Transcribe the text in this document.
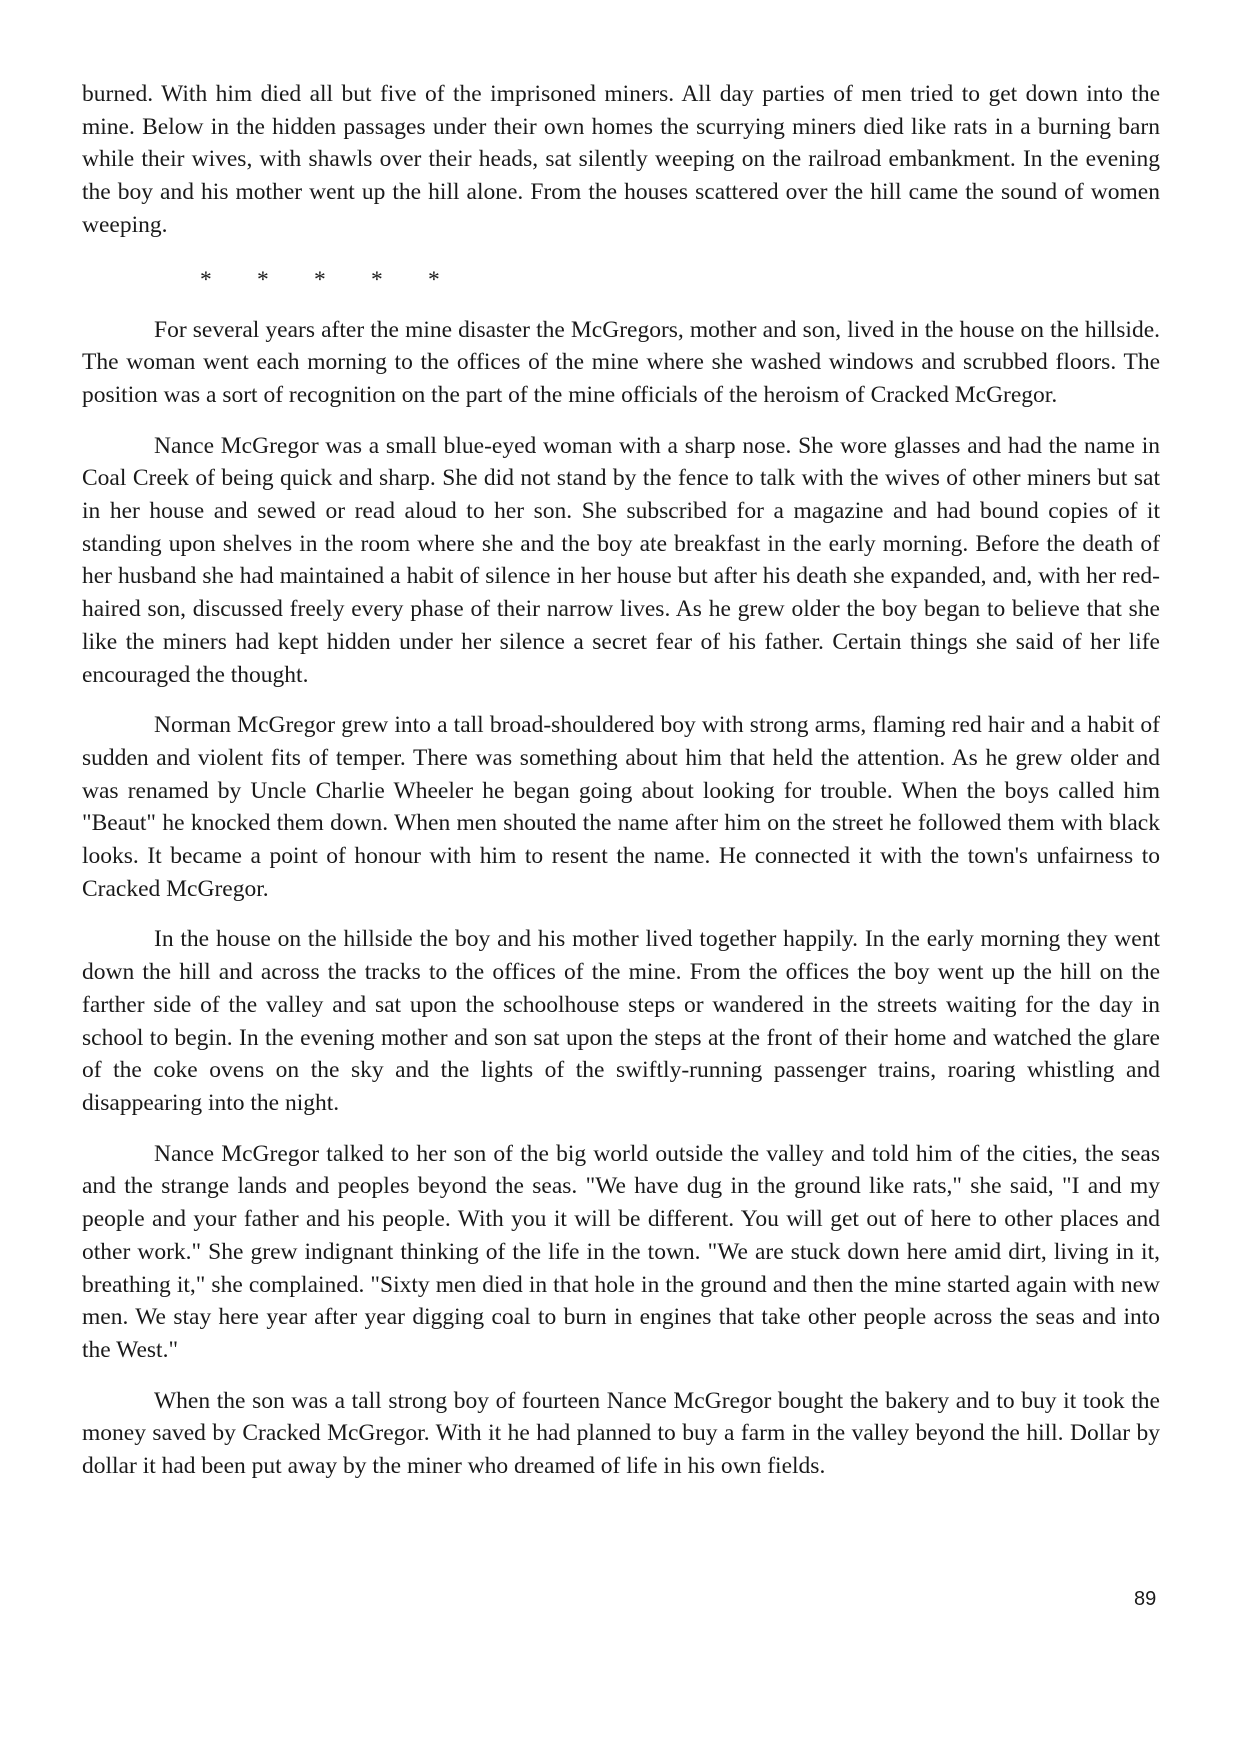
burned. With him died all but five of the imprisoned miners. All day parties of men tried to get down into the mine. Below in the hidden passages under their own homes the scurrying miners died like rats in a burning barn while their wives, with shawls over their heads, sat silently weeping on the railroad embankment. In the evening the boy and his mother went up the hill alone. From the houses scattered over the hill came the sound of women weeping.

*	*	*	*	*

For several years after the mine disaster the McGregors, mother and son, lived in the house on the hillside. The woman went each morning to the offices of the mine where she washed windows and scrubbed floors. The position was a sort of recognition on the part of the mine officials of the heroism of Cracked McGregor.

Nance McGregor was a small blue-eyed woman with a sharp nose. She wore glasses and had the name in Coal Creek of being quick and sharp. She did not stand by the fence to talk with the wives of other miners but sat in her house and sewed or read aloud to her son. She subscribed for a magazine and had bound copies of it standing upon shelves in the room where she and the boy ate breakfast in the early morning. Before the death of her husband she had maintained a habit of silence in her house but after his death she expanded, and, with her red-haired son, discussed freely every phase of their narrow lives. As he grew older the boy began to believe that she like the miners had kept hidden under her silence a secret fear of his father. Certain things she said of her life encouraged the thought.

Norman McGregor grew into a tall broad-shouldered boy with strong arms, flaming red hair and a habit of sudden and violent fits of temper. There was something about him that held the attention. As he grew older and was renamed by Uncle Charlie Wheeler he began going about looking for trouble. When the boys called him "Beaut" he knocked them down. When men shouted the name after him on the street he followed them with black looks. It became a point of honour with him to resent the name. He connected it with the town's unfairness to Cracked McGregor.

In the house on the hillside the boy and his mother lived together happily. In the early morning they went down the hill and across the tracks to the offices of the mine. From the offices the boy went up the hill on the farther side of the valley and sat upon the schoolhouse steps or wandered in the streets waiting for the day in school to begin. In the evening mother and son sat upon the steps at the front of their home and watched the glare of the coke ovens on the sky and the lights of the swiftly-running passenger trains, roaring whistling and disappearing into the night.

Nance McGregor talked to her son of the big world outside the valley and told him of the cities, the seas and the strange lands and peoples beyond the seas. "We have dug in the ground like rats," she said, "I and my people and your father and his people. With you it will be different. You will get out of here to other places and other work." She grew indignant thinking of the life in the town. "We are stuck down here amid dirt, living in it, breathing it," she complained. "Sixty men died in that hole in the ground and then the mine started again with new men. We stay here year after year digging coal to burn in engines that take other people across the seas and into the West."

When the son was a tall strong boy of fourteen Nance McGregor bought the bakery and to buy it took the money saved by Cracked McGregor. With it he had planned to buy a farm in the valley beyond the hill. Dollar by dollar it had been put away by the miner who dreamed of life in his own fields.

89
